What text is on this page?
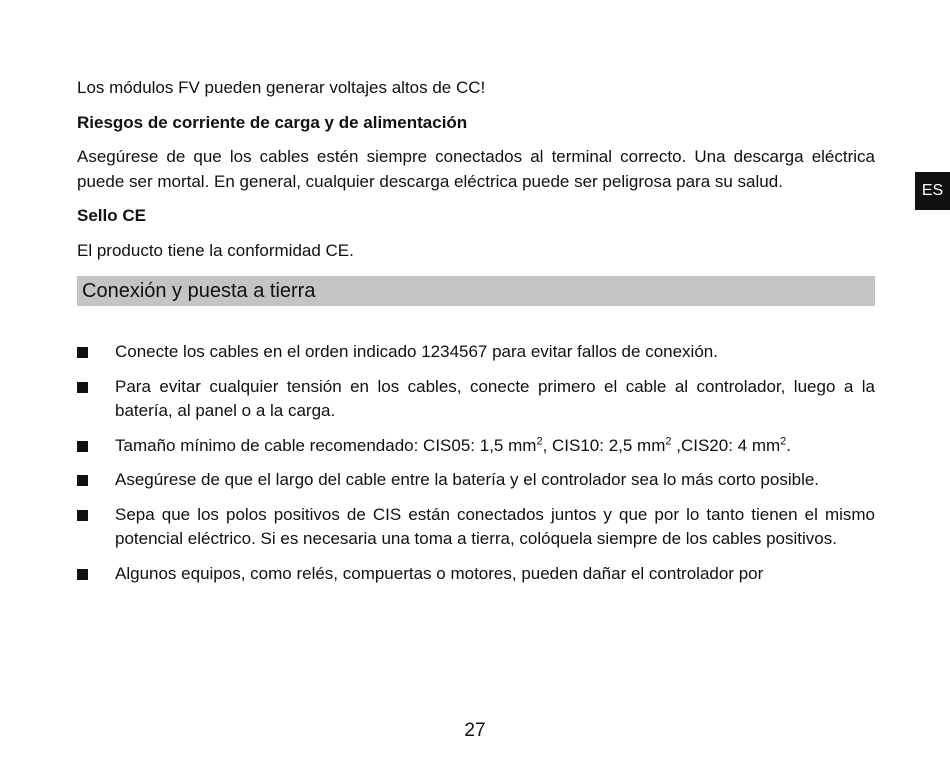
Los módulos FV pueden generar voltajes altos de CC!

Riesgos de corriente de carga y de alimentación

Asegúrese de que los cables estén siempre conectados al terminal correcto. Una descarga eléctrica puede ser mortal. En general, cualquier descarga eléctrica puede ser peligrosa para su salud.

Sello CE

El producto tiene la conformidad CE.

Conexión y puesta a tierra
Conecte los cables en el orden indicado 1234567 para evitar fallos de conexión.
Para evitar cualquier tensión en los cables, conecte primero el cable al controlador, luego a la batería, al panel o a la carga.
Tamaño mínimo de cable recomendado: CIS05: 1,5 $mm^2$, CIS10: 2,5 $mm^2$ ,CIS20: 4 $mm^2$.
Asegúrese de que el largo del cable entre la batería y el controlador sea lo más corto posible.
Sepa que los polos positivos de CIS están conectados juntos y que por lo tanto tienen el mismo potencial eléctrico. Si es necesaria una toma a tierra, colóquela siempre de los cables positivos.
Algunos equipos, como relés, compuertas o motores, pueden dañar el controlador por
ES
27
